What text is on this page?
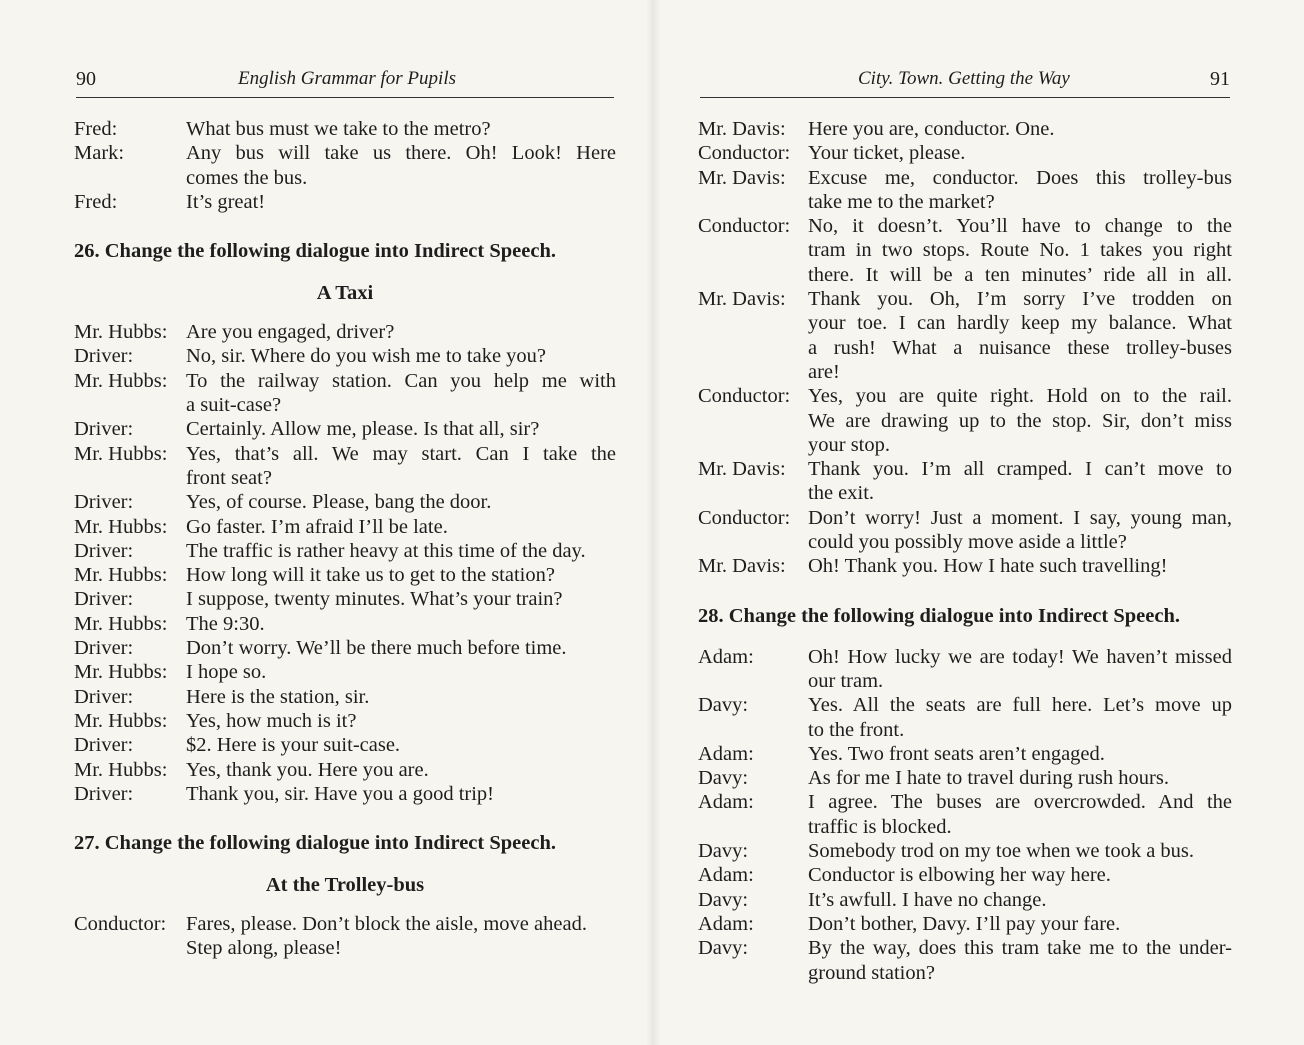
90	English Grammar for Pupils
Fred:	What bus must we take to the metro?
Mark:	Any bus will take us there. Oh! Look! Here
comes the bus.
Fred:	It’s great!
26. Change the following dialogue into Indirect Speech.
A Taxi
Mr. Hubbs: Are you engaged, driver?
Driver:	No, sir. Where do you wish me to take you?
Mr. Hubbs: To the railway station. Can you help me with
a suit-case?
Driver:	Certainly. Allow me, please. Is that all, sir?
Mr. Hubbs: Yes, that’s all. We may start. Can I take the
front seat?
Driver:	Yes, of course. Please, bang the door.
Mr. Hubbs: Go faster. I’m afraid I’ll be late.
Driver:	The traffic is rather heavy at this time of the day.
Mr. Hubbs: How long will it take us to get to the station?
Driver:	I suppose, twenty minutes. What’s your train?
Mr. Hubbs: The 9:30.
Driver:	Don’t worry. We’ll be there much before time.
Mr. Hubbs: I hope so.
Driver:	Here is the station, sir.
Mr. Hubbs: Yes, how much is it?
Driver:	$2. Here is your suit-case.
Mr. Hubbs: Yes, thank you. Here you are.
Driver:	Thank you, sir. Have you a good trip!
27. Change the following dialogue into Indirect Speech.
At the Trolley-bus
Conductor: Fares, please. Don’t block the aisle, move ahead.
Step along, please!
City. Town. Getting the Way	91
Mr. Davis:	Here you are, conductor. One.
Conductor: Your ticket, please.
Mr. Davis:	Excuse me, conductor. Does this trolley-bus
take me to the market?
Conductor: No, it doesn’t. You’ll have to change to the
tram in two stops. Route No. 1 takes you right
there. It will be a ten minutes’ ride all in all.
Mr. Davis:	Thank you. Oh, I’m sorry I’ve trodden on
your toe. I can hardly keep my balance. What
a rush! What a nuisance these trolley-buses
are!
Conductor: Yes, you are quite right. Hold on to the rail.
We are drawing up to the stop. Sir, don’t miss
your stop.
Mr. Davis:	Thank you. I’m all cramped. I can’t move to
the exit.
Conductor: Don’t worry! Just a moment. I say, young man,
could you possibly move aside a little?
Mr. Davis:	Oh! Thank you. How I hate such travelling!
28. Change the following dialogue into Indirect Speech.
Adam:	Oh! How lucky we are today! We haven’t missed
our tram.
Davy:	Yes. All the seats are full here. Let’s move up
to the front.
Adam:	Yes. Two front seats aren’t engaged.
Davy:	As for me I hate to travel during rush hours.
Adam:	I agree. The buses are overcrowded. And the
traffic is blocked.
Davy:	Somebody trod on my toe when we took a bus.
Adam:	Conductor is elbowing her way here.
Davy:	It’s awfull. I have no change.
Adam:	Don’t bother, Davy. I’ll pay your fare.
Davy:	By the way, does this tram take me to the under-
ground station?
